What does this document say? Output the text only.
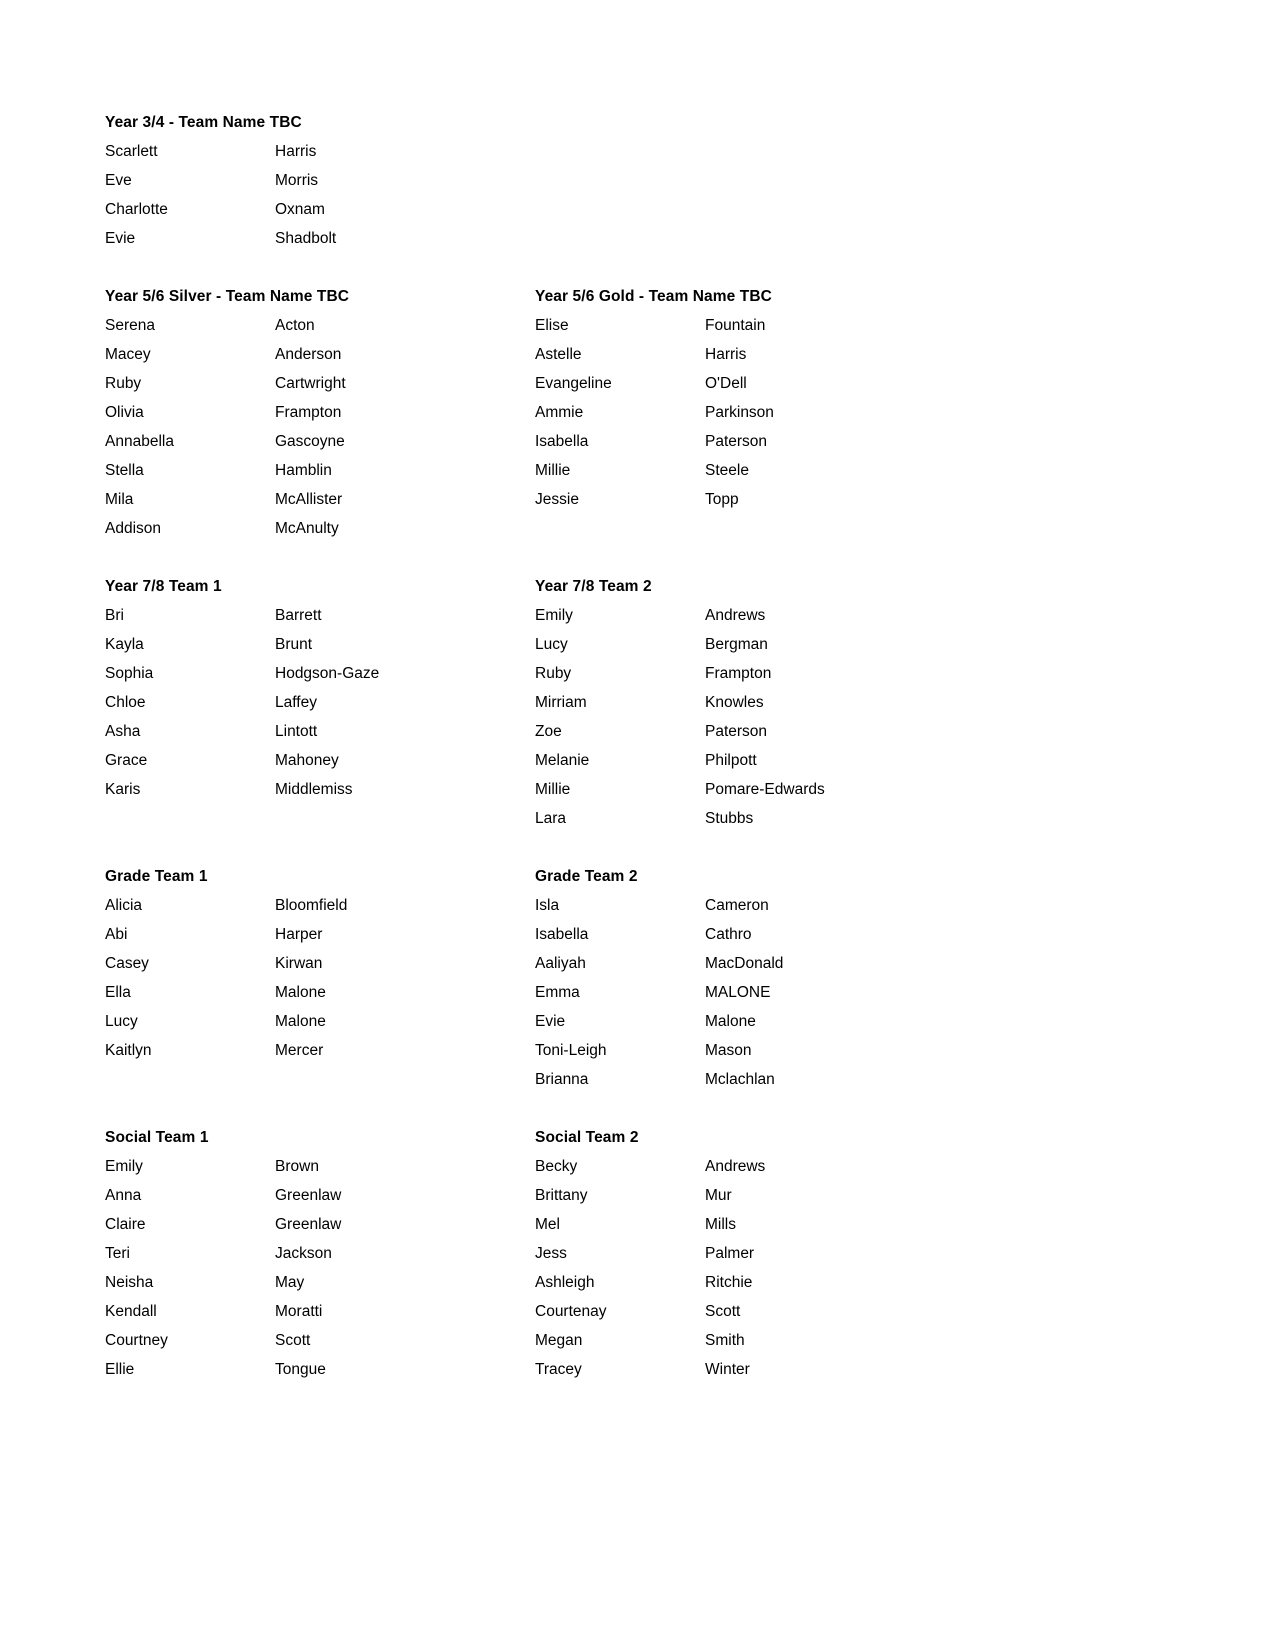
Year 3/4 - Team Name TBC
Scarlett	Harris
Eve	Morris
Charlotte	Oxnam
Evie	Shadbolt
Year 5/6 Silver - Team Name TBC
Serena	Acton
Macey	Anderson
Ruby	Cartwright
Olivia	Frampton
Annabella	Gascoyne
Stella	Hamblin
Mila	McAllister
Addison	McAnulty
Year 5/6 Gold - Team Name TBC
Elise	Fountain
Astelle	Harris
Evangeline	O'Dell
Ammie	Parkinson
Isabella	Paterson
Millie	Steele
Jessie	Topp
Year 7/8 Team 1
Bri	Barrett
Kayla	Brunt
Sophia	Hodgson-Gaze
Chloe	Laffey
Asha	Lintott
Grace	Mahoney
Karis	Middlemiss
Year 7/8 Team 2
Emily	Andrews
Lucy	Bergman
Ruby	Frampton
Mirriam	Knowles
Zoe	Paterson
Melanie	Philpott
Millie	Pomare-Edwards
Lara	Stubbs
Grade Team 1
Alicia	Bloomfield
Abi	Harper
Casey	Kirwan
Ella	Malone
Lucy	Malone
Kaitlyn	Mercer
Grade Team 2
Isla	Cameron
Isabella	Cathro
Aaliyah	MacDonald
Emma	MALONE
Evie	Malone
Toni-Leigh	Mason
Brianna	Mclachlan
Social Team 1
Emily	Brown
Anna	Greenlaw
Claire	Greenlaw
Teri	Jackson
Neisha	May
Kendall	Moratti
Courtney	Scott
Ellie	Tongue
Social Team 2
Becky	Andrews
Brittany	Mur
Mel	Mills
Jess	Palmer
Ashleigh	Ritchie
Courtenay	Scott
Megan	Smith
Tracey	Winter
